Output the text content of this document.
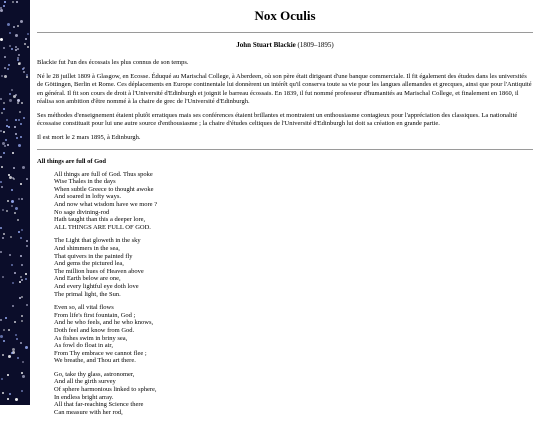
Nox Oculis
John Stuart Blackie (1809–1895)

Blackie fut l'un des écossais les plus connus de son temps.

Né le 28 juillet 1809 à Glasgow, en Ecosse. Éduqué au Marischal College, à Aberdeen, où son père était dirigeant d'une banque commerciale. Il fit également des études dans les universités de Göttingen, Berlin et Rome. Ces déplacements en Europe continentale lui donnèrent un intérêt qu'il conserva toute sa vie pour les langues allemandes et grecques, ainsi que pour l'Antiquité en général. Il fit son cours de droit à l'Université d'Edinburgh et joignit le barreau écossais. En 1839, il fut nommé professeur d'humanités au Marischal College, et finalement en 1860, il réalisa son ambition d'être nommé à la chaire de grec de l'Université d'Edinburgh.

Ses méthodes d'enseignement étaient plutôt erratiques mais ses conférences étaient brillantes et montraient un enthousiasme contagieux pour l'appréciation des classiques. La nationalité écossaise constituait pour lui une autre source d'enthousiasme ; la chaire d'études celtiques de l'Université d'Edinburgh lui doit sa création en grande partie.

Il est mort le 2 mars 1895, à Edinburgh.

All things are full of God
All things are full of God. Thus spoke
Wise Thales in the days
When subtle Greece to thought awoke
And soared in lofty ways.
And now what wisdom have we more ?
No sage divining-rod
Hath taught than this a deeper lore,
ALL THINGS ARE FULL OF GOD.
The Light that gloweth in the sky
And shimmers in the sea,
That quivers in the painted fly
And gems the pictured lea,
The million hues of Heaven above
And Earth below are one,
And every lightful eye doth love
The primal light, the Sun.
Even so, all vital flows
From life's first fountain, God ;
And he who feels, and he who knows,
Doth feel and know from God.
As fishes swim in briny sea,
As fowl do float in air,
From Thy embrace we cannot flee ;
We breathe, and Thou art there.
Go, take thy glass, astronomer,
And all the girth survey
Of sphere harmonious linked to sphere,
In endless bright array.
All that far-reaching Science there
Can measure with her rod,
